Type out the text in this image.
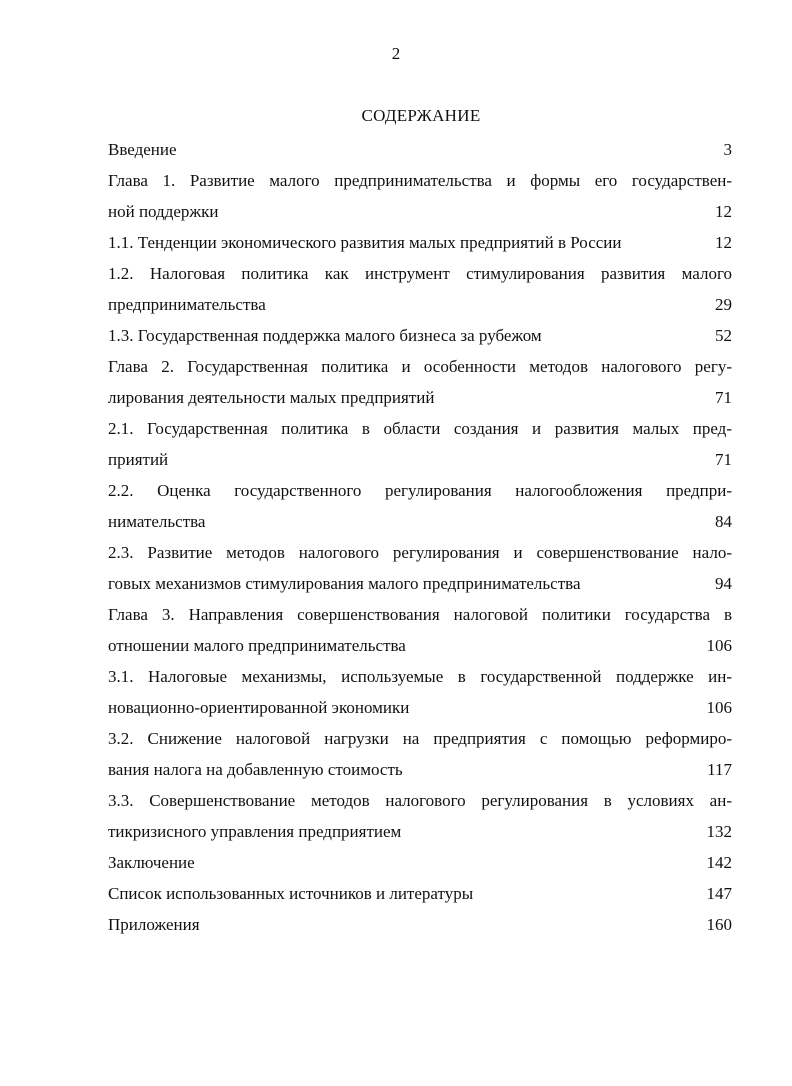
2
СОДЕРЖАНИЕ
Введение	3
Глава 1. Развитие малого предпринимательства и формы его государствен-
ной поддержки	12
1.1. Тенденции экономического развития малых предприятий в России	12
1.2. Налоговая политика как инструмент стимулирования развития малого
предпринимательства	29
1.3. Государственная поддержка малого бизнеса за рубежом	52
Глава 2. Государственная политика и особенности методов налогового регу-
лирования деятельности малых предприятий	71
2.1. Государственная политика в области создания и развития малых пред-
приятий	71
2.2. Оценка государственного регулирования налогообложения предпри-
нимательства	84
2.3. Развитие методов налогового регулирования и совершенствование нало-
говых механизмов стимулирования малого предпринимательства	94
Глава 3. Направления совершенствования налоговой политики государства в
отношении малого предпринимательства	106
3.1. Налоговые механизмы, используемые в государственной поддержке ин-
новационно-ориентированной экономики	106
3.2. Снижение налоговой нагрузки на предприятия с помощью реформиро-
вания налога на добавленную стоимость	117
3.3. Совершенствование методов налогового регулирования в условиях ан-
тикризисного управления предприятием	132
Заключение	142
Список использованных источников и литературы	147
Приложения	160
